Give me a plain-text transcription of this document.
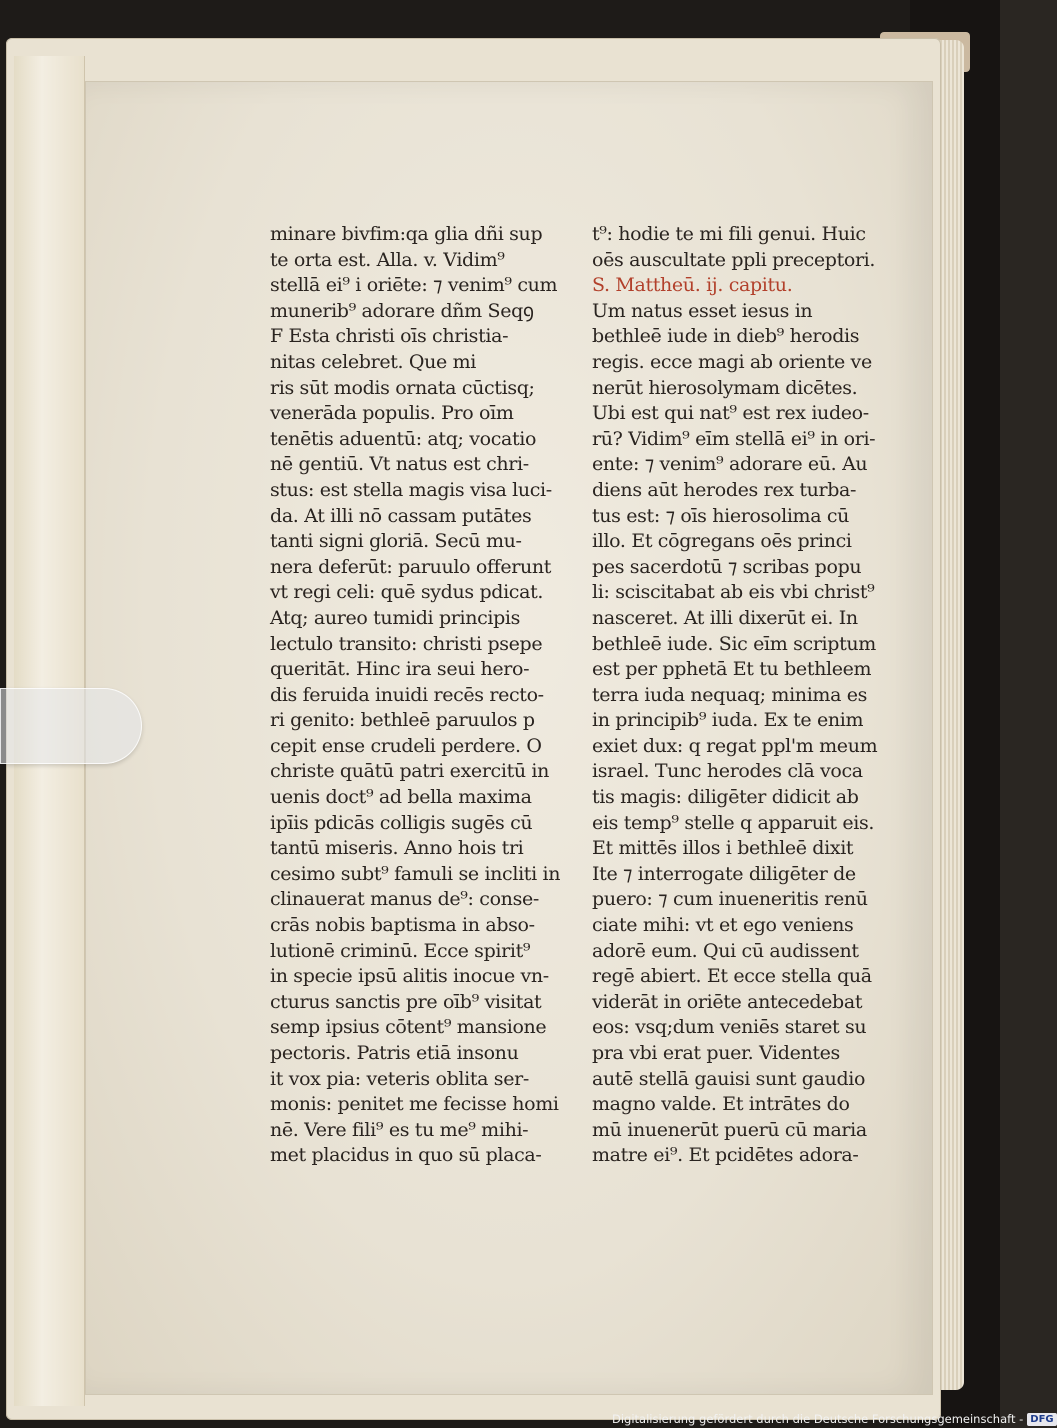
minare bivfim:qa glia dñi sup
te orta est. Alla. v. Vidim⁹
stellā ei⁹ i oriēte: ⁊ venim⁹ cum
munerib⁹ adorare dñm Seqꝯ
F Esta christi oīs christia-
nitas celebret. Que mi
ris sūt modis ornata cūctisq;
venerāda populis. Pro oīm
tenētis aduentū: atq; vocatio
nē gentiū. Vt natus est chri-
stus: est stella magis visa luci-
da. At illi nō cassam putātes
tanti signi gloriā. Secū mu-
nera deferūt: paruulo offerunt
vt regi celi: quē sydus pdicat.
Atq; aureo tumidi principis
lectulo transito: christi psepe
queritāt. Hinc ira seui hero-
dis feruida inuidi recēs recto-
ri genito: bethleē paruulos p
cepit ense crudeli perdere. O
christe quātū patri exercitū in
uenis doct⁹ ad bella maxima
ipīis pdicās colligis sugēs cū
tantū miseris. Anno hois tri
cesimo subt⁹ famuli se incliti in
clinauerat manus de⁹: conse-
crās nobis baptisma in abso-
lutionē criminū. Ecce spirit⁹
in specie ipsū alitis inocue vn-
cturus sanctis pre oīb⁹ visitat
semp ipsius cōtent⁹ mansione
pectoris. Patris etiā insonu
it vox pia: veteris oblita ser-
monis: penitet me fecisse homi
nē. Vere fili⁹ es tu me⁹ mihi-
met placidus in quo sū placa-
t⁹: hodie te mi fili genui. Huic
oēs auscultate ppli preceptori.
S. Mattheū. ij. capitu.
Um natus esset iesus in
bethleē iude in dieb⁹ herodis
regis. ecce magi ab oriente ve
nerūt hierosolymam dicētes.
Ubi est qui nat⁹ est rex iudeo-
rū? Vidim⁹ eīm stellā ei⁹ in ori-
ente: ⁊ venim⁹ adorare eū. Au
diens aūt herodes rex turba-
tus est: ⁊ oīs hierosolima cū
illo. Et cōgregans oēs princi
pes sacerdotū ⁊ scribas popu
li: sciscitabat ab eis vbi christ⁹
nasceret. At illi dixerūt ei. In
bethleē iude. Sic eīm scriptum
est per pphetā Et tu bethleem
terra iuda nequaq; minima es
in principib⁹ iuda. Ex te enim
exiet dux: q regat ppl'm meum
israel. Tunc herodes clā voca
tis magis: diligēter didicit ab
eis temp⁹ stelle q apparuit eis.
Et mittēs illos i bethleē dixit
Ite ⁊ interrogate diligēter de
puero: ⁊ cum inueneritis renū
ciate mihi: vt et ego veniens
adorē eum. Qui cū audissent
regē abiert. Et ecce stella quā
viderāt in oriēte antecedebat
eos: vsq;dum veniēs staret su
pra vbi erat puer. Videntes
autē stellā gauisi sunt gaudio
magno valde. Et intrātes do
mū inuenerūt puerū cū maria
matre ei⁹. Et pcidētes adora-
Digitalisierung gefördert durch die Deutsche Forschungsgemeinschaft - DFG
